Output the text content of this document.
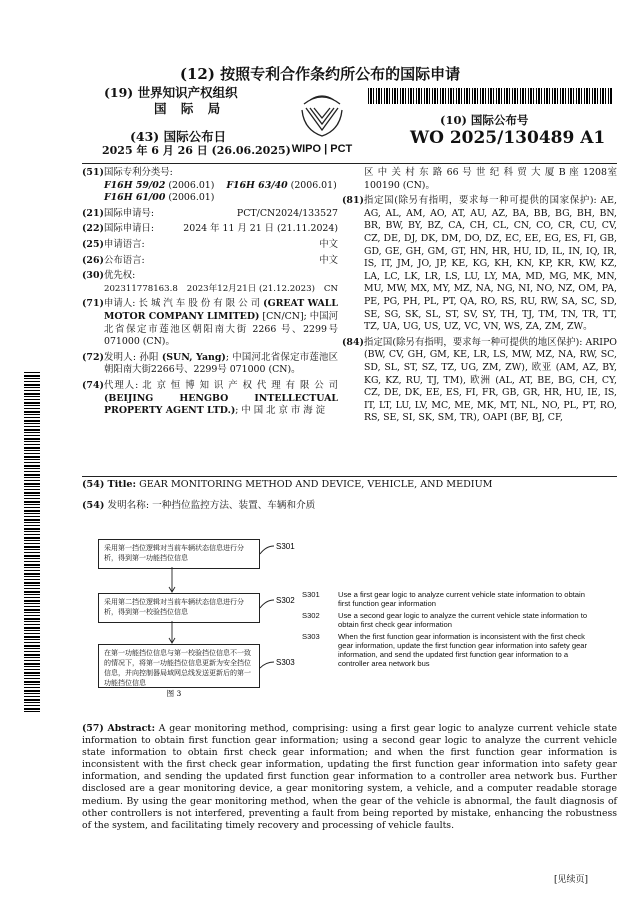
(12) 按照专利合作条约所公布的国际申请
(19) 世界知识产权组织
国 际 局
(43) 国际公布日
2025 年 6 月 26 日 (26.06.2025) WIPO | PCT
(10) 国际公布号
WO 2025/130489 A1
(51) 国际专利分类号:
F16H 59/02 (2006.01) F16H 63/40 (2006.01)
F16H 61/00 (2006.01)
(21) 国际申请号:	PCT/CN2024/133527
(22) 国际申请日:	2024 年 11 月 21 日 (21.11.2024)
(25) 申请语言:	中文
(26) 公布语言:	中文
(30) 优先权:
202311778163.8 2023年12月21日 (21.12.2023) CN
(71) 申请人: 长 城 汽 车 股 份 有 限 公 司 (GREAT WALL MOTOR COMPANY LIMITED) [CN/CN]; 中国河北省保定市莲池区朝阳南大街 2266 号、2299号 071000 (CN)。
(72) 发明人: 孙阳 (SUN, Yang); 中国河北省保定市莲池区朝阳南大街2266号、2299号 071000 (CN)。
(74) 代理人: 北 京 恒 博 知 识 产 权 代 理 有 限 公 司 (BEIJING HENGBO INTELLECTUAL PROPERTY AGENT LTD.); 中 国 北 京 市 海 淀
区 中 关 村 东 路 66 号 世 纪 科 贸 大 厦 B 座 1208室 100190 (CN)。
(81) 指定国(除另有指明，要求每一种可提供的国家保护): AE, AG, AL, AM, AO, AT, AU, AZ, BA, BB, BG, BH, BN, BR, BW, BY, BZ, CA, CH, CL, CN, CO, CR, CU, CV, CZ, DE, DJ, DK, DM, DO, DZ, EC, EE, EG, ES, FI, GB, GD, GE, GH, GM, GT, HN, HR, HU, ID, IL, IN, IQ, IR, IS, IT, JM, JO, JP, KE, KG, KH, KN, KP, KR, KW, KZ, LA, LC, LK, LR, LS, LU, LY, MA, MD, MG, MK, MN, MU, MW, MX, MY, MZ, NA, NG, NI, NO, NZ, OM, PA, PE, PG, PH, PL, PT, QA, RO, RS, RU, RW, SA, SC, SD, SE, SG, SK, SL, ST, SV, SY, TH, TJ, TM, TN, TR, TT, TZ, UA, UG, US, UZ, VC, VN, WS, ZA, ZM, ZW。
(84) 指定国(除另有指明，要求每一种可提供的地区保护): ARIPO (BW, CV, GH, GM, KE, LR, LS, MW, MZ, NA, RW, SC, SD, SL, ST, SZ, TZ, UG, ZM, ZW), 欧亚 (AM, AZ, BY, KG, KZ, RU, TJ, TM), 欧洲 (AL, AT, BE, BG, CH, CY, CZ, DE, DK, EE, ES, FI, FR, GB, GR, HR, HU, IE, IS, IT, LT, LU, LV, MC, ME, MK, MT, NL, NO, PL, PT, RO, RS, SE, SI, SK, SM, TR), OAPI (BF, BJ, CF,
(54) Title: GEAR MONITORING METHOD AND DEVICE, VEHICLE, AND MEDIUM
(54) 发明名称: 一种挡位监控方法、装置、车辆和介质
采用第一挡位逻辑对当前车辆状态信息进行分析，得到第一功能挡位信息
采用第二挡位逻辑对当前车辆状态信息进行分析，得到第一校验挡位信息
在第一功能挡位信息与第一校验挡位信息不一致的情况下，将第一功能挡位信息更新为安全挡位信息，并向控制器局域网总线发送更新后的第一功能挡位信息
S301
S302
S303
图 3
S301	Use a first gear logic to analyze current vehicle state information to obtain first function gear information
S302	Use a second gear logic to analyze the current vehicle state information to obtain first check gear information
S303	When the first function gear information is inconsistent with the first check gear information, update the first function gear information into safety gear information, and send the updated first function gear information to a controller area network bus
(57) Abstract: A gear monitoring method, comprising: using a first gear logic to analyze current vehicle state information to obtain first function gear information; using a second gear logic to analyze the current vehicle state information to obtain first check gear information; and when the first function gear information is inconsistent with the first check gear information, updating the first function gear information into safety gear information, and sending the updated first function gear information to a controller area network bus. Further disclosed are a gear monitoring device, a gear monitoring system, a vehicle, and a computer readable storage medium. By using the gear monitoring method, when the gear of the vehicle is abnormal, the fault diagnosis of other controllers is not interfered, preventing a fault from being reported by mistake, enhancing the robustness of the system, and facilitating timely recovery and processing of vehicle faults.
[见续页]
